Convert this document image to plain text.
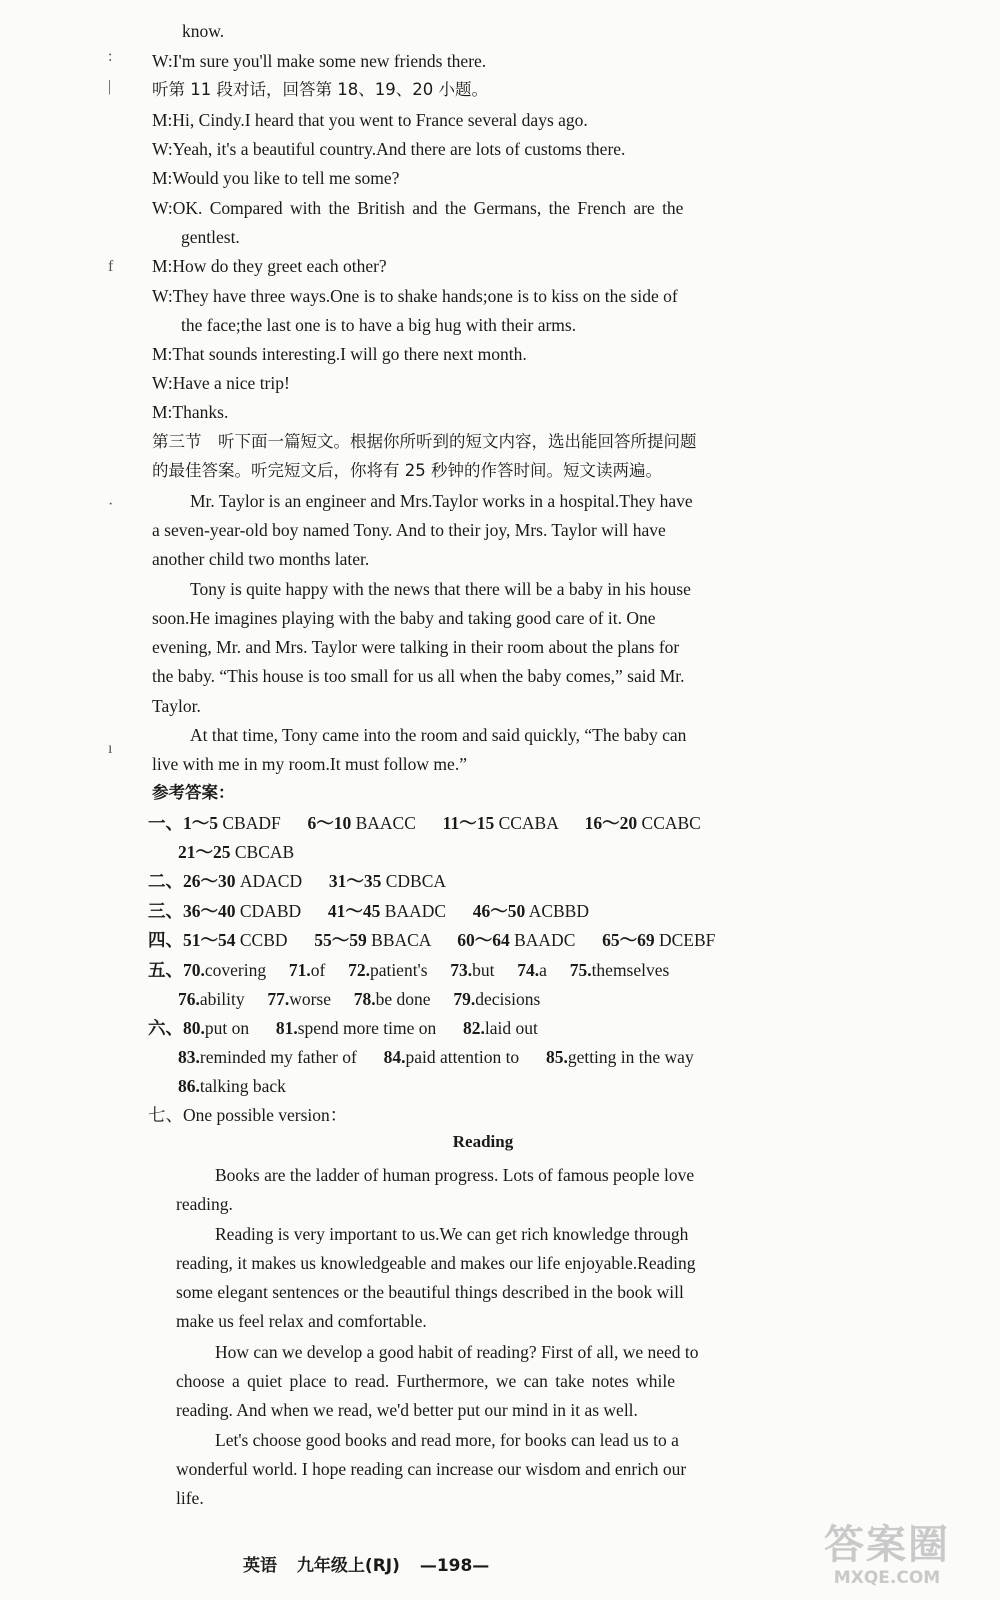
:
|
f
·
ı
know.
W:I'm sure you'll make some new friends there.
听第 11 段对话，回答第 18、19、20 小题。
M:Hi, Cindy.I heard that you went to France several days ago.
W:Yeah, it's a beautiful country.And there are lots of customs there.
M:Would you like to tell me some?
W:OK. Compared with the British and the Germans, the French are the
gentlest.
M:How do they greet each other?
W:They have three ways.One is to shake hands;one is to kiss on the side of
the face;the last one is to have a big hug with their arms.
M:That sounds interesting.I will go there next month.
W:Have a nice trip!
M:Thanks.
第三节　听下面一篇短文。根据你所听到的短文内容，选出能回答所提问题
的最佳答案。听完短文后，你将有 25 秒钟的作答时间。短文读两遍。
Mr. Taylor is an engineer and Mrs.Taylor works in a hospital.They have
a seven-year-old boy named Tony. And to their joy, Mrs. Taylor will have
another child two months later.
Tony is quite happy with the news that there will be a baby in his house
soon.He imagines playing with the baby and taking good care of it. One
evening, Mr. and Mrs. Taylor were talking in their room about the plans for
the baby. “This house is too small for us all when the baby comes,” said Mr.
Taylor.
At that time, Tony came into the room and said quickly, “The baby can
live with me in my room.It must follow me.”
参考答案：
一、1～5 CBADF 6～10 BAACC 11～15 CCABA 16～20 CCABC
21～25 CBCAB
二、26～30 ADACD 31～35 CDBCA
三、36～40 CDABD 41～45 BAADC 46～50 ACBBD
四、51～54 CCBD 55～59 BBACA 60～64 BAADC 65～69 DCEBF
五、70.covering 71.of 72.patient's 73.but 74.a 75.themselves
76.ability 77.worse 78.be done 79.decisions
六、80.put on 81.spend more time on 82.laid out
83.reminded my father of 84.paid attention to 85.getting in the way
86.talking back
七、One possible version：
Reading
Books are the ladder of human progress. Lots of famous people love
reading.
Reading is very important to us.We can get rich knowledge through
reading, it makes us knowledgeable and makes our life enjoyable.Reading
some elegant sentences or the beautiful things described in the book will
make us feel relax and comfortable.
How can we develop a good habit of reading? First of all, we need to
choose a quiet place to read. Furthermore, we can take notes while
reading. And when we read, we'd better put our mind in it as well.
Let's choose good books and read more, for books can lead us to a
wonderful world. I hope reading can increase our wisdom and enrich our
life.
英语 九年级上(RJ) —198—	答案圈
MXQE.COM
